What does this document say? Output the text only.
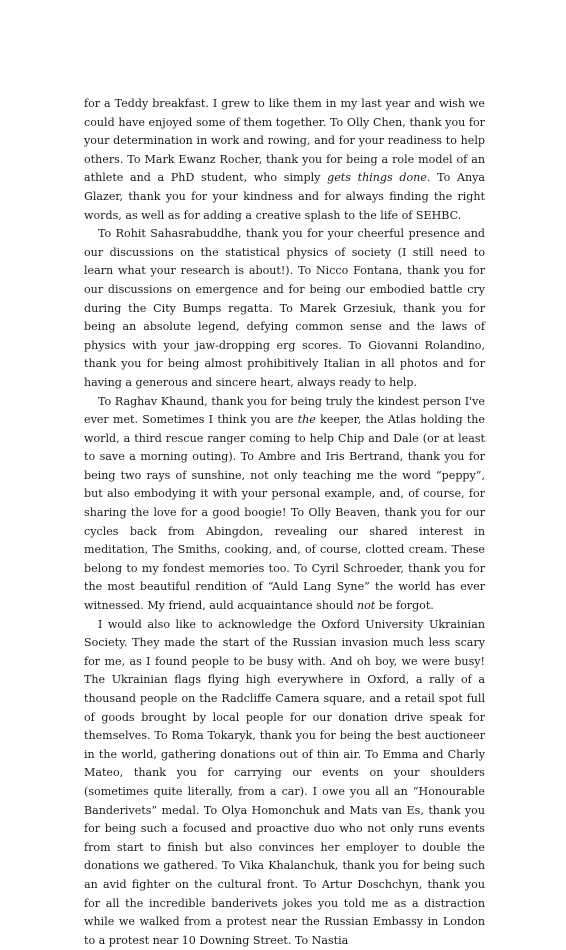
for a Teddy breakfast. I grew to like them in my last year and wish we could have enjoyed some of them together. To Olly Chen, thank you for your determination in work and rowing, and for your readiness to help others. To Mark Ewanz Rocher, thank you for being a role model of an athlete and a PhD student, who simply gets things done. To Anya Glazer, thank you for your kindness and for always finding the right words, as well as for adding a creative splash to the life of SEHBC.

To Rohit Sahasrabuddhe, thank you for your cheerful presence and our discussions on the statistical physics of society (I still need to learn what your research is about!). To Nicco Fontana, thank you for our discussions on emergence and for being our embodied battle cry during the City Bumps regatta. To Marek Grzesiuk, thank you for being an absolute legend, defying common sense and the laws of physics with your jaw-dropping erg scores. To Giovanni Rolandino, thank you for being almost prohibitively Italian in all photos and for having a generous and sincere heart, always ready to help.

To Raghav Khaund, thank you for being truly the kindest person I've ever met. Sometimes I think you are the keeper, the Atlas holding the world, a third rescue ranger coming to help Chip and Dale (or at least to save a morning outing). To Ambre and Iris Bertrand, thank you for being two rays of sunshine, not only teaching me the word “peppy”, but also embodying it with your personal example, and, of course, for sharing the love for a good boogie! To Olly Beaven, thank you for our cycles back from Abingdon, revealing our shared interest in meditation, The Smiths, cooking, and, of course, clotted cream. These belong to my fondest memories too. To Cyril Schroeder, thank you for the most beautiful rendition of “Auld Lang Syne” the world has ever witnessed. My friend, auld acquaintance should not be forgot.

I would also like to acknowledge the Oxford University Ukrainian Society. They made the start of the Russian invasion much less scary for me, as I found people to be busy with. And oh boy, we were busy! The Ukrainian flags flying high everywhere in Oxford, a rally of a thousand people on the Radcliffe Camera square, and a retail spot full of goods brought by local people for our donation drive speak for themselves. To Roma Tokaryk, thank you for being the best auctioneer in the world, gathering donations out of thin air. To Emma and Charly Mateo, thank you for carrying our events on your shoulders (sometimes quite literally, from a car). I owe you all an “Honourable Banderivets” medal. To Olya Homonchuk and Mats van Es, thank you for being such a focused and proactive duo who not only runs events from start to finish but also convinces her employer to double the donations we gathered. To Vika Khalanchuk, thank you for being such an avid fighter on the cultural front. To Artur Doschchyn, thank you for all the incredible banderivets jokes you told me as a distraction while we walked from a protest near the Russian Embassy in London to a protest near 10 Downing Street. To Nastia
